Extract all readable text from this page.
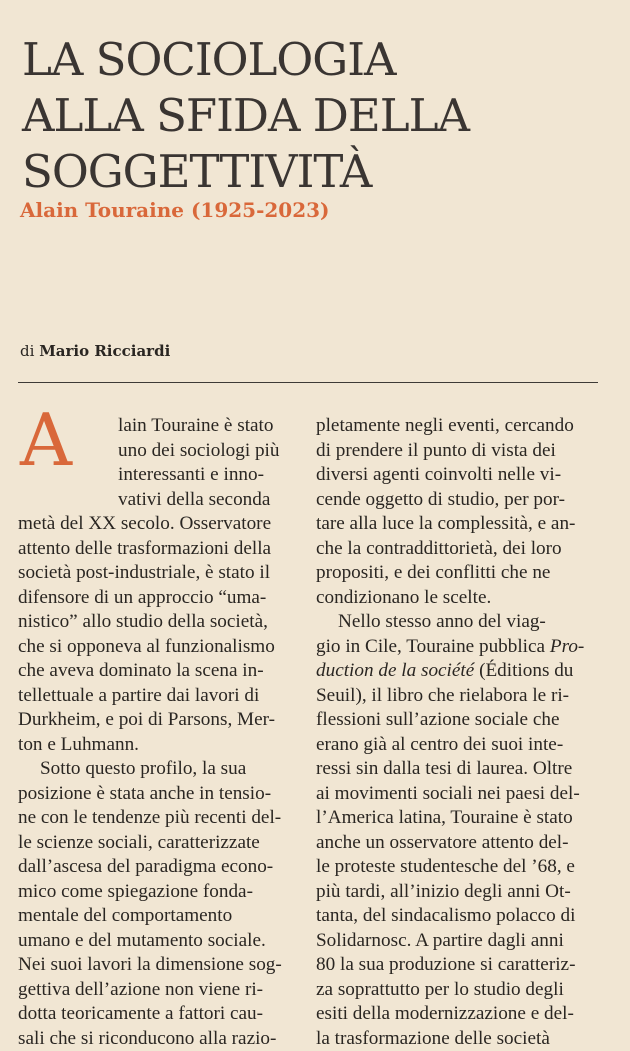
LA SOCIOLOGIA
ALLA SFIDA DELLA
SOGGETTIVITÀ
Alain Touraine (1925-2023)
di Mario Ricciardi
A	lain Touraine è stato
uno dei sociologi più
interessanti e inno-
vativi della seconda
metà del XX secolo. Osservatore
attento delle trasformazioni della
società post-industriale, è stato il
difensore di un approccio “uma-
nistico” allo studio della società,
che si opponeva al funzionalismo
che aveva dominato la scena in-
tellettuale a partire dai lavori di
Durkheim, e poi di Parsons, Mer-
ton e Luhmann.
Sotto questo profilo, la sua
posizione è stata anche in tensio-
ne con le tendenze più recenti del-
le scienze sociali, caratterizzate
dall’ascesa del paradigma econo-
mico come spiegazione fonda-
mentale del comportamento
umano e del mutamento sociale.
Nei suoi lavori la dimensione sog-
gettiva dell’azione non viene ri-
dotta teoricamente a fattori cau-
sali che si riconducono alla razio-
pletamente negli eventi, cercando
di prendere il punto di vista dei
diversi agenti coinvolti nelle vi-
cende oggetto di studio, per por-
tare alla luce la complessità, e an-
che la contraddittorietà, dei loro
propositi, e dei conflitti che ne
condizionano le scelte.
Nello stesso anno del viag-
gio in Cile, Touraine pubblica Pro-
duction de la société (Éditions du
Seuil), il libro che rielabora le ri-
flessioni sull’azione sociale che
erano già al centro dei suoi inte-
ressi sin dalla tesi di laurea. Oltre
ai movimenti sociali nei paesi del-
l’America latina, Touraine è stato
anche un osservatore attento del-
le proteste studentesche del ’68, e
più tardi, all’inizio degli anni Ot-
tanta, del sindacalismo polacco di
Solidarnosc. A partire dagli anni
80 la sua produzione si caratteriz-
za soprattutto per lo studio degli
esiti della modernizzazione e del-
la trasformazione delle società
